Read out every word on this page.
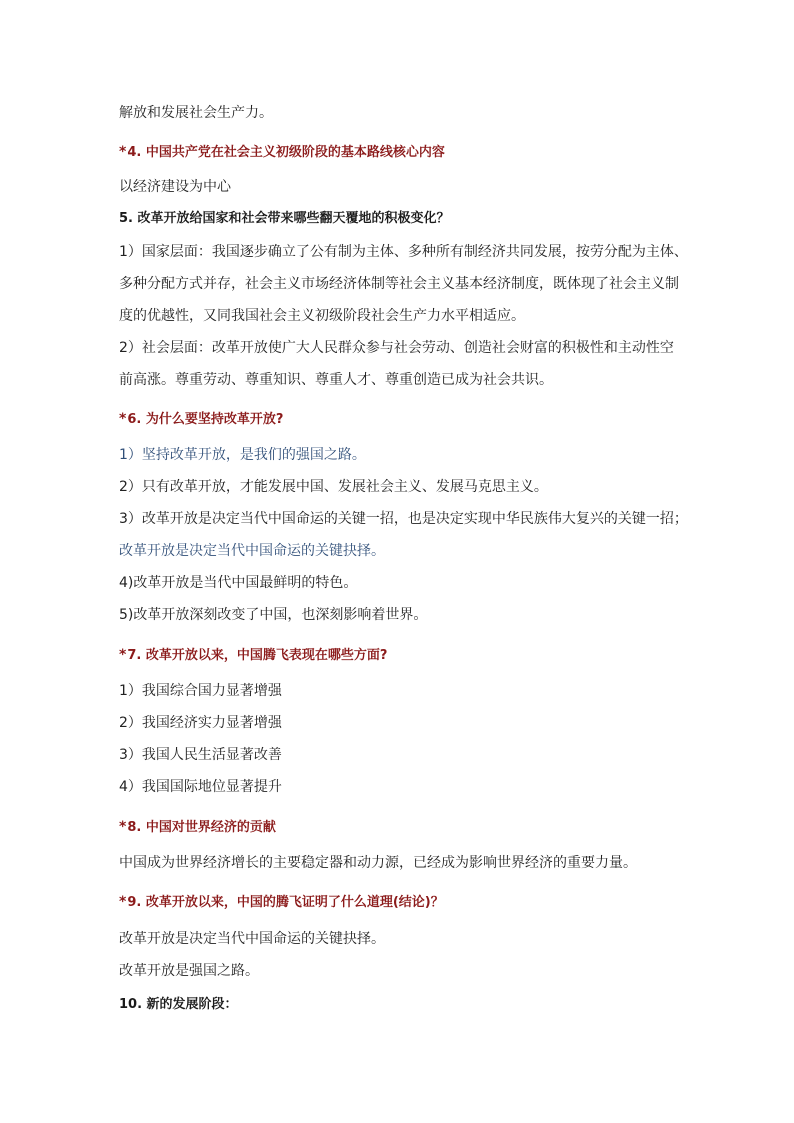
解放和发展社会生产力。
*4. 中国共产党在社会主义初级阶段的基本路线核心内容
以经济建设为中心
5. 改革开放给国家和社会带来哪些翻天覆地的积极变化？
1）国家层面：我国逐步确立了公有制为主体、多种所有制经济共同发展，按劳分配为主体、
多种分配方式并存，社会主义市场经济体制等社会主义基本经济制度，既体现了社会主义制
度的优越性，又同我国社会主义初级阶段社会生产力水平相适应。
2）社会层面：改革开放使广大人民群众参与社会劳动、创造社会财富的积极性和主动性空
前高涨。尊重劳动、尊重知识、尊重人才、尊重创造已成为社会共识。
*6. 为什么要坚持改革开放?
1）坚持改革开放，是我们的强国之路。
2）只有改革开放，才能发展中国、发展社会主义、发展马克思主义。
3）改革开放是决定当代中国命运的关键一招，也是决定实现中华民族伟大复兴的关键一招；
改革开放是决定当代中国命运的关键抉择。
4)改革开放是当代中国最鲜明的特色。
5)改革开放深刻改变了中国，也深刻影响着世界。
*7. 改革开放以来，中国腾飞表现在哪些方面?
1）我国综合国力显著增强
2）我国经济实力显著增强
3）我国人民生活显著改善
4）我国国际地位显著提升
*8. 中国对世界经济的贡献
中国成为世界经济增长的主要稳定器和动力源，已经成为影响世界经济的重要力量。
*9. 改革开放以来，中国的腾飞证明了什么道理(结论)？
改革开放是决定当代中国命运的关键抉择。
改革开放是强国之路。
10. 新的发展阶段：
